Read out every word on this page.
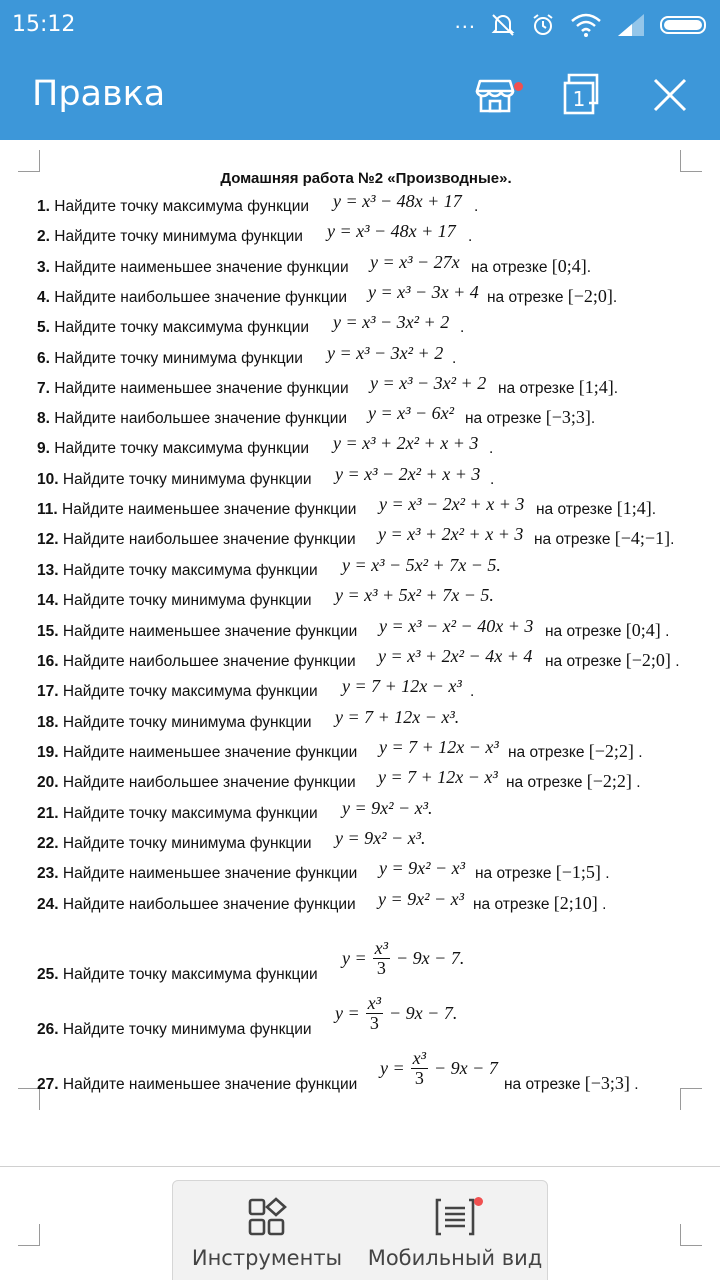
15:12	...
Правка	1
Домашняя работа №2 «Производные».
1. Найдите точку максимума функции y = x³ − 48x + 17 .
2. Найдите точку минимума функции y = x³ − 48x + 17 .
3. Найдите наименьшее значение функции y = x³ − 27x на отрезке [0;4].
4. Найдите наибольшее значение функции y = x³ − 3x + 4 на отрезке [−2;0].
5. Найдите точку максимума функции y = x³ − 3x² + 2 .
6. Найдите точку минимума функции y = x³ − 3x² + 2 .
7. Найдите наименьшее значение функции y = x³ − 3x² + 2 на отрезке [1;4].
8. Найдите наибольшее значение функции y = x³ − 6x² на отрезке [−3;3].
9. Найдите точку максимума функции y = x³ + 2x² + x + 3 .
10. Найдите точку минимума функции y = x³ − 2x² + x + 3 .
11. Найдите наименьшее значение функции y = x³ − 2x² + x + 3 на отрезке [1;4].
12. Найдите наибольшее значение функции y = x³ + 2x² + x + 3 на отрезке [−4;−1].
13. Найдите точку максимума функции y = x³ − 5x² + 7x − 5.
14. Найдите точку минимума функции y = x³ + 5x² + 7x − 5.
15. Найдите наименьшее значение функции y = x³ − x² − 40x + 3 на отрезке [0;4] .
16. Найдите наибольшее значение функции y = x³ + 2x² − 4x + 4 на отрезке [−2;0] .
17. Найдите точку максимума функции y = 7 + 12x − x³ .
18. Найдите точку минимума функции y = 7 + 12x − x³.
19. Найдите наименьшее значение функции y = 7 + 12x − x³ на отрезке [−2;2] .
20. Найдите наибольшее значение функции y = 7 + 12x − x³ на отрезке [−2;2] .
21. Найдите точку максимума функции y = 9x² − x³.
22. Найдите точку минимума функции y = 9x² − x³.
23. Найдите наименьшее значение функции y = 9x² − x³ на отрезке [−1;5] .
24. Найдите наибольшее значение функции y = 9x² − x³ на отрезке [2;10] .
25. Найдите точку максимума функции
$y = \frac{\text{x³}}{3} - 9x - 7$.
26. Найдите точку минимума функции
$y = \frac{\text{x³}}{3} - 9x - 7$.
27. Найдите наименьшее значение функции
$y = \frac{\text{x³}}{3} - 9x - 7$
на отрезке [−3;3] .
Инструменты	Мобильный вид
